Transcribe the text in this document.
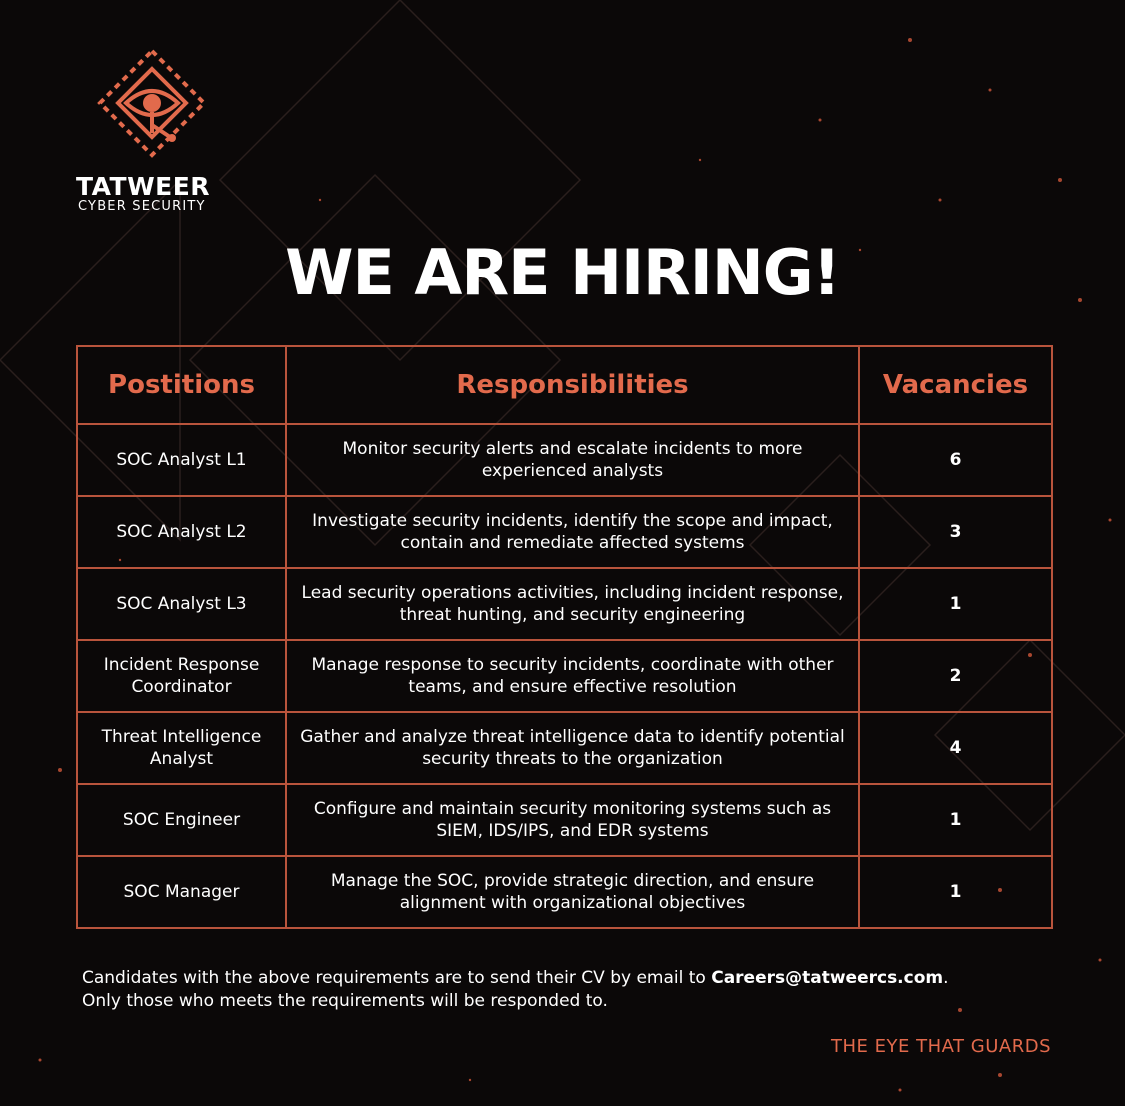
TATWEER

CYBER SECURITY

WE ARE HIRING!
Postitions	Responsibilities	Vacancies
SOC Analyst L1	Monitor security alerts and escalate incidents to more experienced analysts	6
SOC Analyst L2	Investigate security incidents, identify the scope and impact, contain and remediate affected systems	3
SOC Analyst L3	Lead security operations activities, including incident response, threat hunting, and security engineering	1
Incident Response Coordinator	Manage response to security incidents, coordinate with other teams, and ensure effective resolution	2
Threat Intelligence Analyst	Gather and analyze threat intelligence data to identify potential security threats to the organization	4
SOC Engineer	Configure and maintain security monitoring systems such as SIEM, IDS/IPS, and EDR systems	1
SOC Manager	Manage the SOC, provide strategic direction, and ensure alignment with organizational objectives	1

Candidates with the above requirements are to send their CV by email to Careers@tatweercs.com.
Only those who meets the requirements will be responded to.

THE EYE THAT GUARDS
